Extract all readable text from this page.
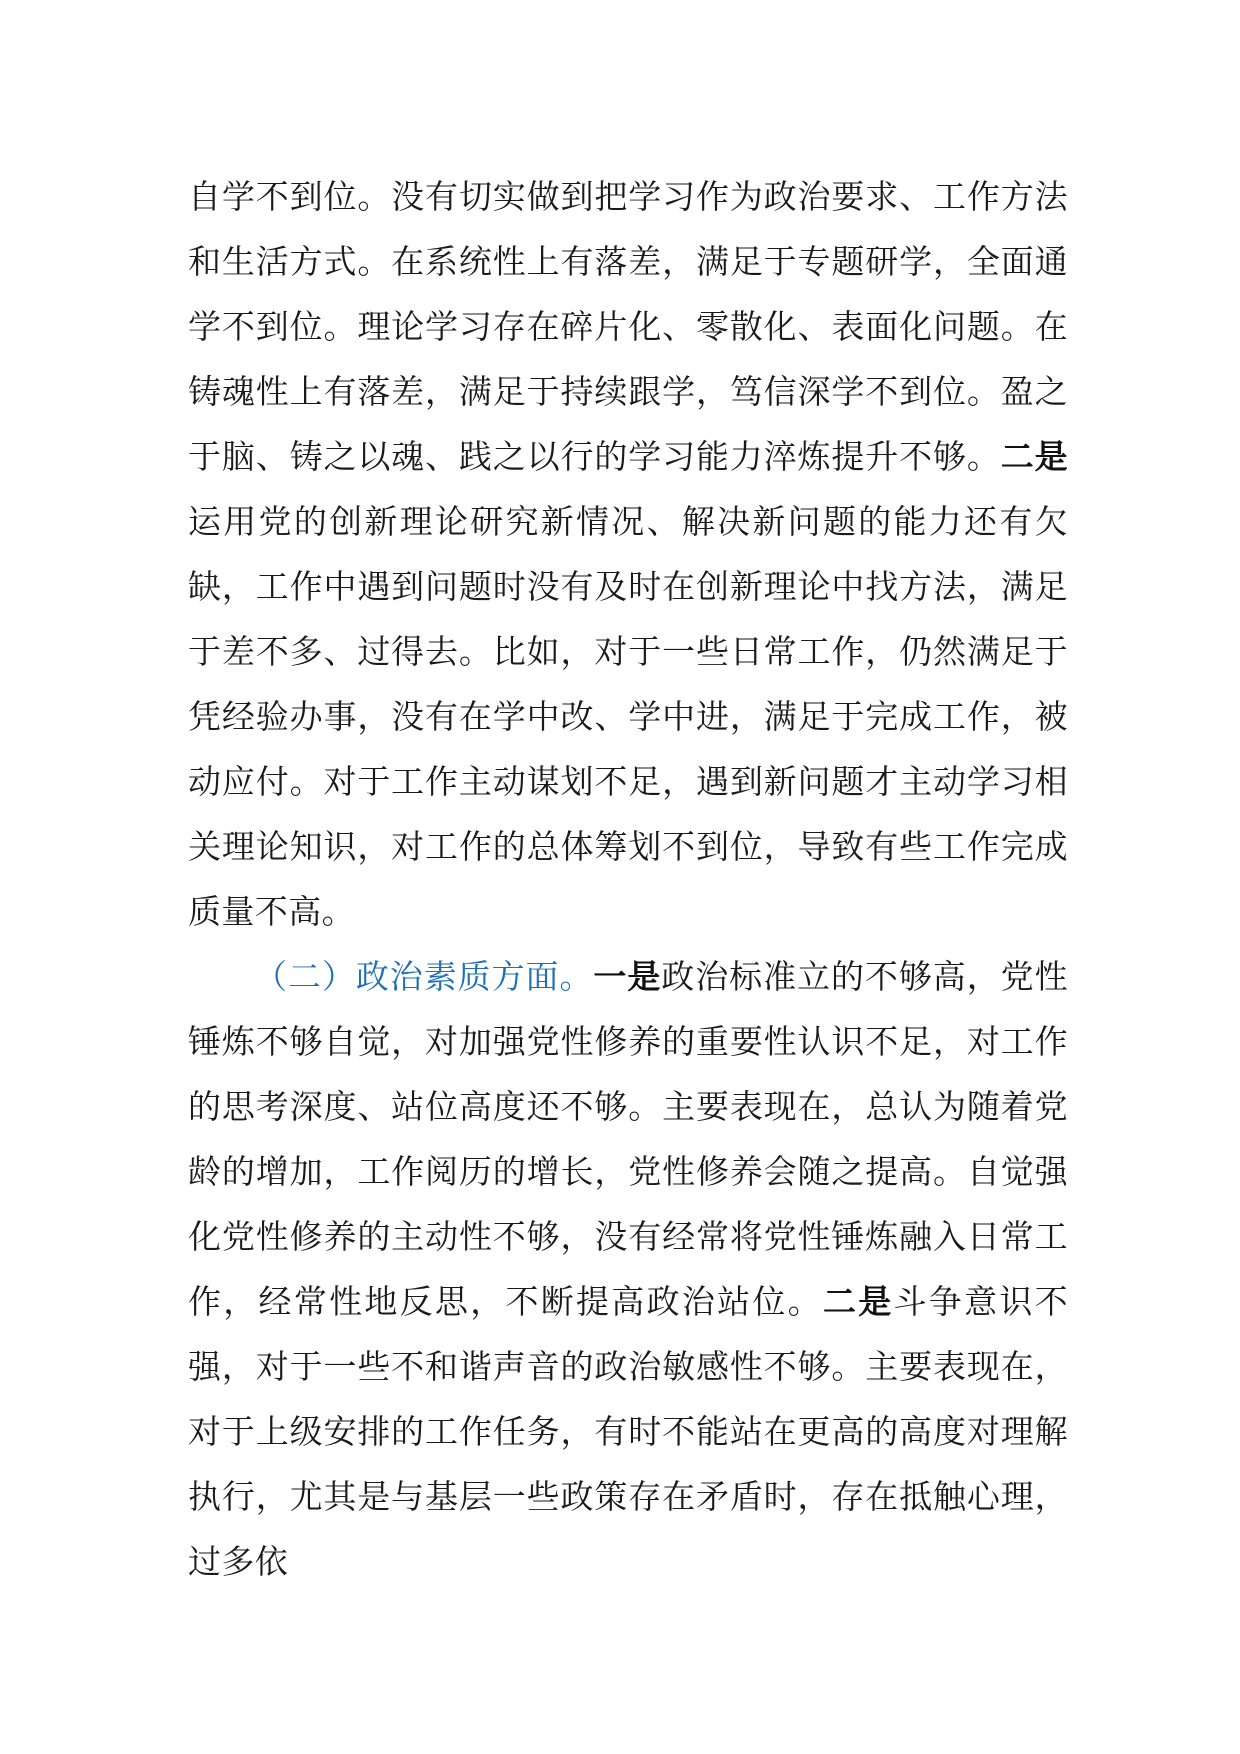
自学不到位。没有切实做到把学习作为政治要求、工作方法和生活方式。在系统性上有落差，满足于专题研学，全面通学不到位。理论学习存在碎片化、零散化、表面化问题。在铸魂性上有落差，满足于持续跟学，笃信深学不到位。盈之于脑、铸之以魂、践之以行的学习能力淬炼提升不够。二是运用党的创新理论研究新情况、解决新问题的能力还有欠缺，工作中遇到问题时没有及时在创新理论中找方法，满足于差不多、过得去。比如，对于一些日常工作，仍然满足于凭经验办事，没有在学中改、学中进，满足于完成工作，被动应付。对于工作主动谋划不足，遇到新问题才主动学习相关理论知识，对工作的总体筹划不到位，导致有些工作完成质量不高。

（二）政治素质方面。一是政治标准立的不够高，党性锤炼不够自觉，对加强党性修养的重要性认识不足，对工作的思考深度、站位高度还不够。主要表现在，总认为随着党龄的增加，工作阅历的增长，党性修养会随之提高。自觉强化党性修养的主动性不够，没有经常将党性锤炼融入日常工作，经常性地反思，不断提高政治站位。二是斗争意识不强，对于一些不和谐声音的政治敏感性不够。主要表现在，对于上级安排的工作任务，有时不能站在更高的高度对理解执行，尤其是与基层一些政策存在矛盾时，存在抵触心理，过多依
